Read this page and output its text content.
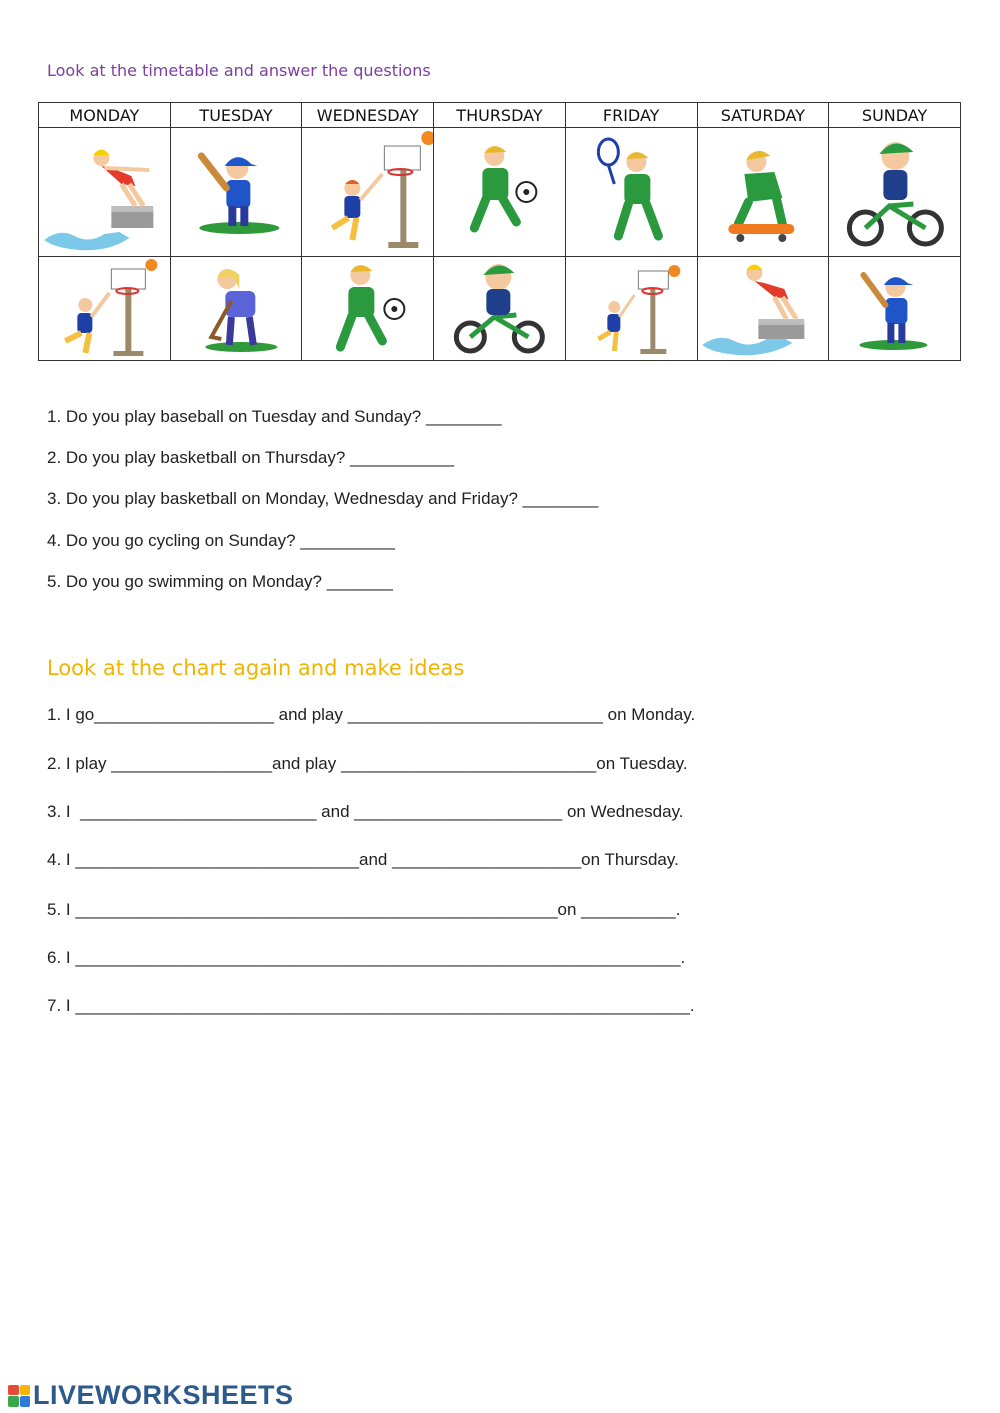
Look at the timetable and answer the questions
MONDAY	TUESDAY	WEDNESDAY	THURSDAY	FRIDAY	SATURDAY	SUNDAY

1. Do you play baseball on Tuesday and Sunday? ________
2. Do you play basketball on Thursday? ___________
3. Do you play basketball on Monday, Wednesday and Friday? ________
4. Do you go cycling on Sunday? __________
5. Do you go swimming on Monday? _______
Look at the chart again and make ideas
1. I go___________________ and play ___________________________ on Monday.
2. I play _________________and play ___________________________on Tuesday.
3. I  _________________________ and ______________________ on Wednesday.
4. I ______________________________and ____________________on Thursday.
5. I ___________________________________________________on __________.
6. I ________________________________________________________________.
7. I _________________________________________________________________.
LIVEWORKSHEETS
